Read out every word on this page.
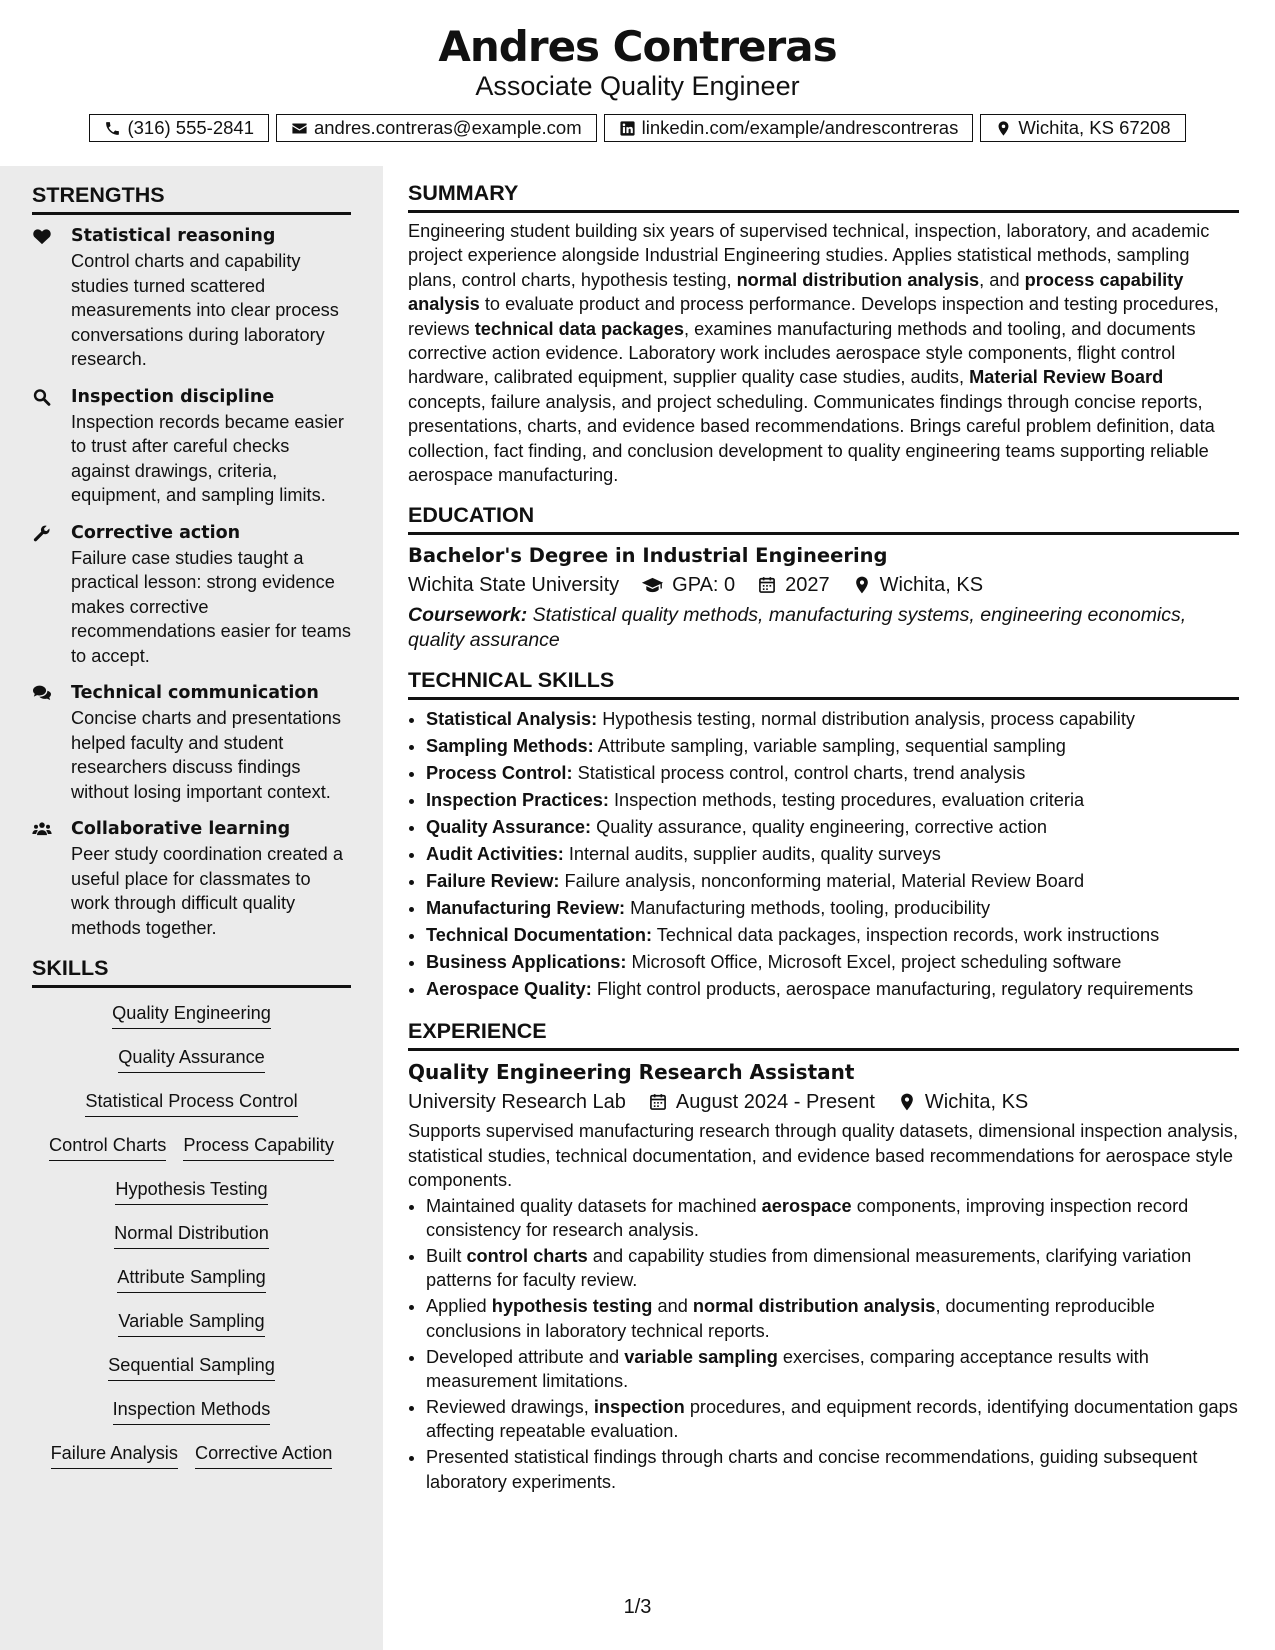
Andres Contreras
Associate Quality Engineer
(316) 555-2841	andres.contreras@example.com	linkedin.com/example/andrescontreras	Wichita, KS 67208
STRENGTHS
Statistical reasoning
Control charts and capability studies turned scattered measurements into clear process conversations during laboratory research.
Inspection discipline
Inspection records became easier to trust after careful checks against drawings, criteria, equipment, and sampling limits.
Corrective action
Failure case studies taught a practical lesson: strong evidence makes corrective recommendations easier for teams to accept.
Technical communication
Concise charts and presentations helped faculty and student researchers discuss findings without losing important context.
Collaborative learning
Peer study coordination created a useful place for classmates to work through difficult quality methods together.
SKILLS
Quality Engineering
Quality Assurance
Statistical Process Control
Control Charts Process Capability
Hypothesis Testing
Normal Distribution
Attribute Sampling
Variable Sampling
Sequential Sampling
Inspection Methods
Failure Analysis Corrective Action
SUMMARY
Engineering student building six years of supervised technical, inspection, laboratory, and academic project experience alongside Industrial Engineering studies. Applies statistical methods, sampling plans, control charts, hypothesis testing, normal distribution analysis, and process capability analysis to evaluate product and process performance. Develops inspection and testing procedures, reviews technical data packages, examines manufacturing methods and tooling, and documents corrective action evidence. Laboratory work includes aerospace style components, flight control hardware, calibrated equipment, supplier quality case studies, audits, Material Review Board concepts, failure analysis, and project scheduling. Communicates findings through concise reports, presentations, charts, and evidence based recommendations. Brings careful problem definition, data collection, fact finding, and conclusion development to quality engineering teams supporting reliable aerospace manufacturing.
EDUCATION
Bachelor's Degree in Industrial Engineering
Wichita State University	GPA: 0	2027	Wichita, KS
Coursework: Statistical quality methods, manufacturing systems, engineering economics, quality assurance
TECHNICAL SKILLS
• Statistical Analysis: Hypothesis testing, normal distribution analysis, process capability
• Sampling Methods: Attribute sampling, variable sampling, sequential sampling
• Process Control: Statistical process control, control charts, trend analysis
• Inspection Practices: Inspection methods, testing procedures, evaluation criteria
• Quality Assurance: Quality assurance, quality engineering, corrective action
• Audit Activities: Internal audits, supplier audits, quality surveys
• Failure Review: Failure analysis, nonconforming material, Material Review Board
• Manufacturing Review: Manufacturing methods, tooling, producibility
• Technical Documentation: Technical data packages, inspection records, work instructions
• Business Applications: Microsoft Office, Microsoft Excel, project scheduling software
• Aerospace Quality: Flight control products, aerospace manufacturing, regulatory requirements
EXPERIENCE
Quality Engineering Research Assistant
University Research Lab	August 2024 - Present	Wichita, KS
Supports supervised manufacturing research through quality datasets, dimensional inspection analysis, statistical studies, technical documentation, and evidence based recommendations for aerospace style components.
• Maintained quality datasets for machined aerospace components, improving inspection record consistency for research analysis.
• Built control charts and capability studies from dimensional measurements, clarifying variation patterns for faculty review.
• Applied hypothesis testing and normal distribution analysis, documenting reproducible conclusions in laboratory technical reports.
• Developed attribute and variable sampling exercises, comparing acceptance results with measurement limitations.
• Reviewed drawings, inspection procedures, and equipment records, identifying documentation gaps affecting repeatable evaluation.
• Presented statistical findings through charts and concise recommendations, guiding subsequent laboratory experiments.
1/3
